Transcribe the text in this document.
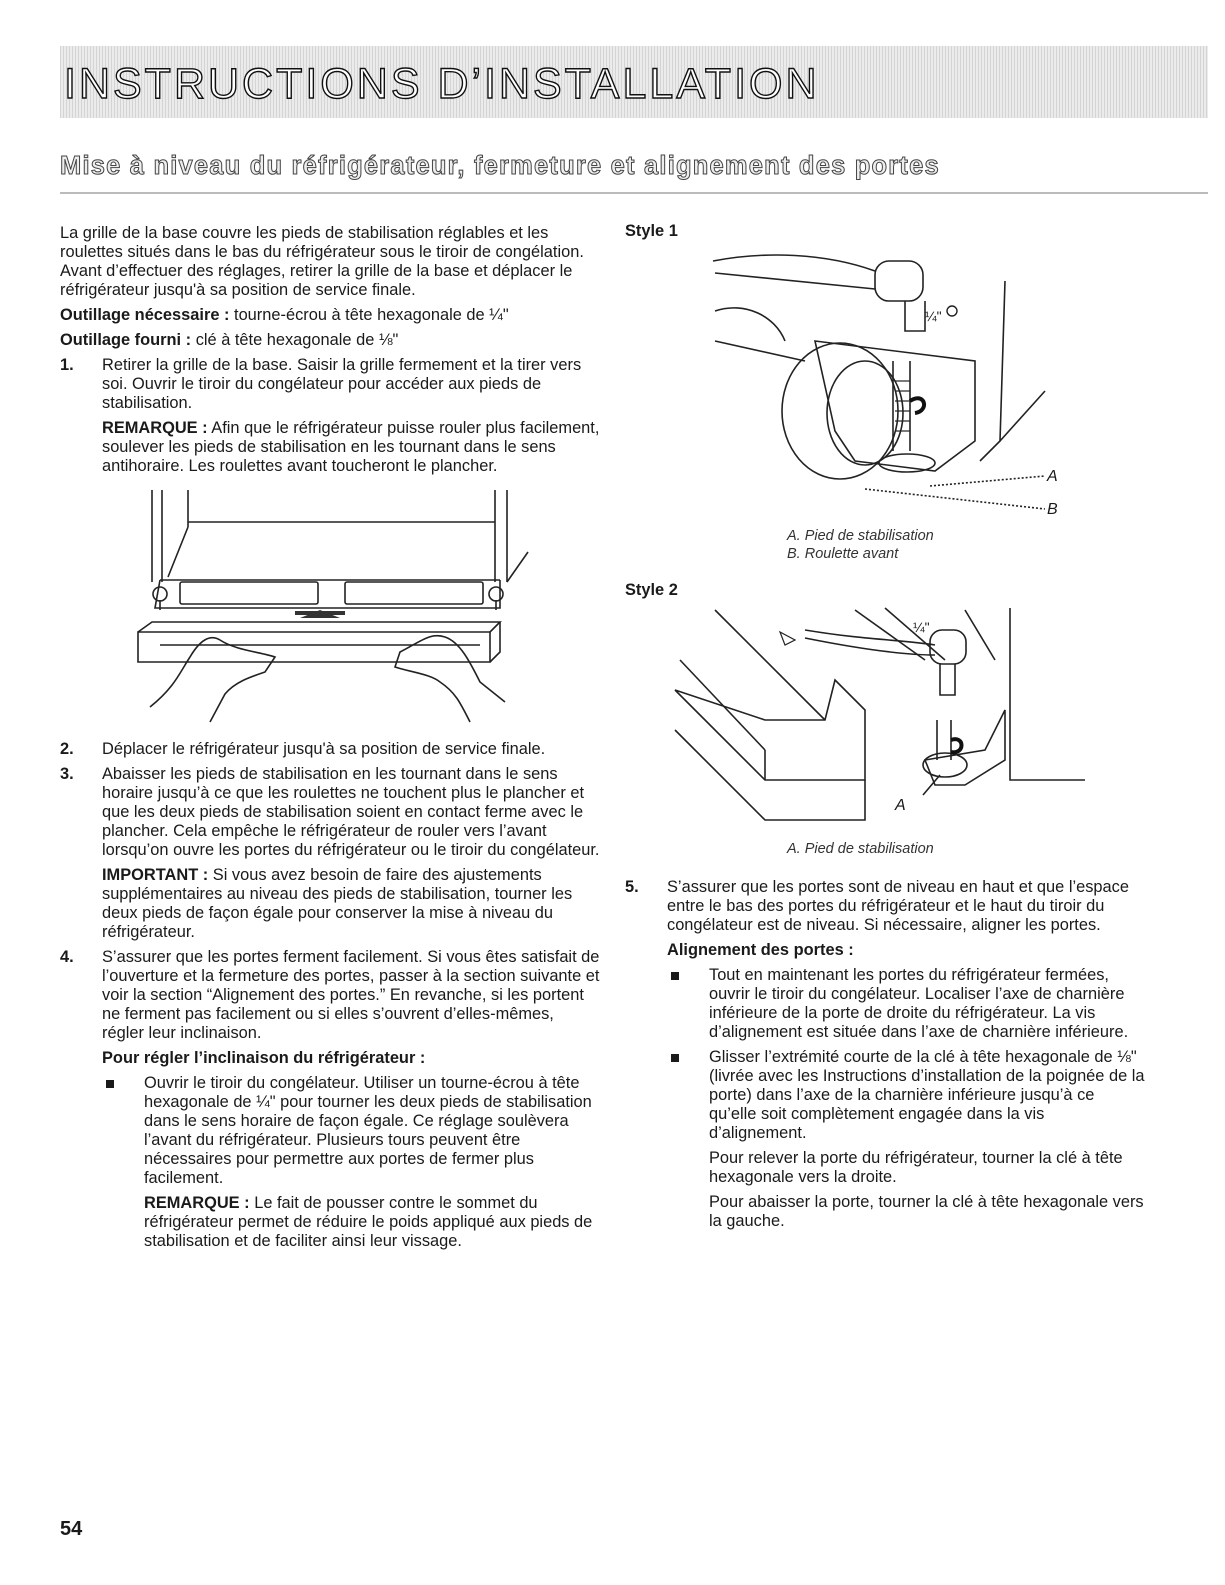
INSTRUCTIONS D’INSTALLATION
Mise à niveau du réfrigérateur, fermeture et alignement des portes

La grille de la base couvre les pieds de stabilisation réglables et les roulettes situés dans le bas du réfrigérateur sous le tiroir de congélation. Avant d’effectuer des réglages, retirer la grille de la base et déplacer le réfrigérateur jusqu'à sa position de service finale.

Outillage nécessaire : tourne-écrou à tête hexagonale de ¼"

Outillage fourni : clé à tête hexagonale de ⅛"

1.	Retirer la grille de la base. Saisir la grille fermement et la tirer vers soi. Ouvrir le tiroir du congélateur pour accéder aux pieds de stabilisation.

REMARQUE : Afin que le réfrigérateur puisse rouler plus facilement, soulever les pieds de stabilisation en les tournant dans le sens antihoraire. Les roulettes avant toucheront le plancher.

2.	Déplacer le réfrigérateur jusqu'à sa position de service finale.

3.	Abaisser les pieds de stabilisation en les tournant dans le sens horaire jusqu’à ce que les roulettes ne touchent plus le plancher et que les deux pieds de stabilisation soient en contact ferme avec le plancher. Cela empêche le réfrigérateur de rouler vers l’avant lorsqu’on ouvre les portes du réfrigérateur ou le tiroir du congélateur.

IMPORTANT : Si vous avez besoin de faire des ajustements supplémentaires au niveau des pieds de stabilisation, tourner les deux pieds de façon égale pour conserver la mise à niveau du réfrigérateur.

4.	S’assurer que les portes ferment facilement. Si vous êtes satisfait de l’ouverture et la fermeture des portes, passer à la section suivante et voir la section “Alignement des portes.” En revanche, si les portent ne ferment pas facilement ou si elles s’ouvrent d’elles-mêmes, régler leur inclinaison.

Pour régler l’inclinaison du réfrigérateur :

Ouvrir le tiroir du congélateur. Utiliser un tourne-écrou à tête hexagonale de ¼" pour tourner les deux pieds de stabilisation dans le sens horaire de façon égale. Ce réglage soulèvera l’avant du réfrigérateur. Plusieurs tours peuvent être nécessaires pour permettre aux portes de fermer plus facilement.

REMARQUE : Le fait de pousser contre le sommet du réfrigérateur permet de réduire le poids appliqué aux pieds de stabilisation et de faciliter ainsi leur vissage.

Style 1
¼"
A
B
A. Pied de stabilisation
B. Roulette avant
Style 2
¼"
A
A. Pied de stabilisation
5.	S’assurer que les portes sont de niveau en haut et que l’espace entre le bas des portes du réfrigérateur et le haut du tiroir du congélateur est de niveau. Si nécessaire, aligner les portes.

Alignement des portes :

Tout en maintenant les portes du réfrigérateur fermées, ouvrir le tiroir du congélateur. Localiser l’axe de charnière inférieure de la porte de droite du réfrigérateur. La vis d’alignement est située dans l’axe de charnière inférieure.

Glisser l’extrémité courte de la clé à tête hexagonale de ⅛" (livrée avec les Instructions d’installation de la poignée de la porte) dans l’axe de la charnière inférieure jusqu’à ce qu’elle soit complètement engagée dans la vis d’alignement.

Pour relever la porte du réfrigérateur, tourner la clé à tête hexagonale vers la droite.

Pour abaisser la porte, tourner la clé à tête hexagonale vers la gauche.

54
